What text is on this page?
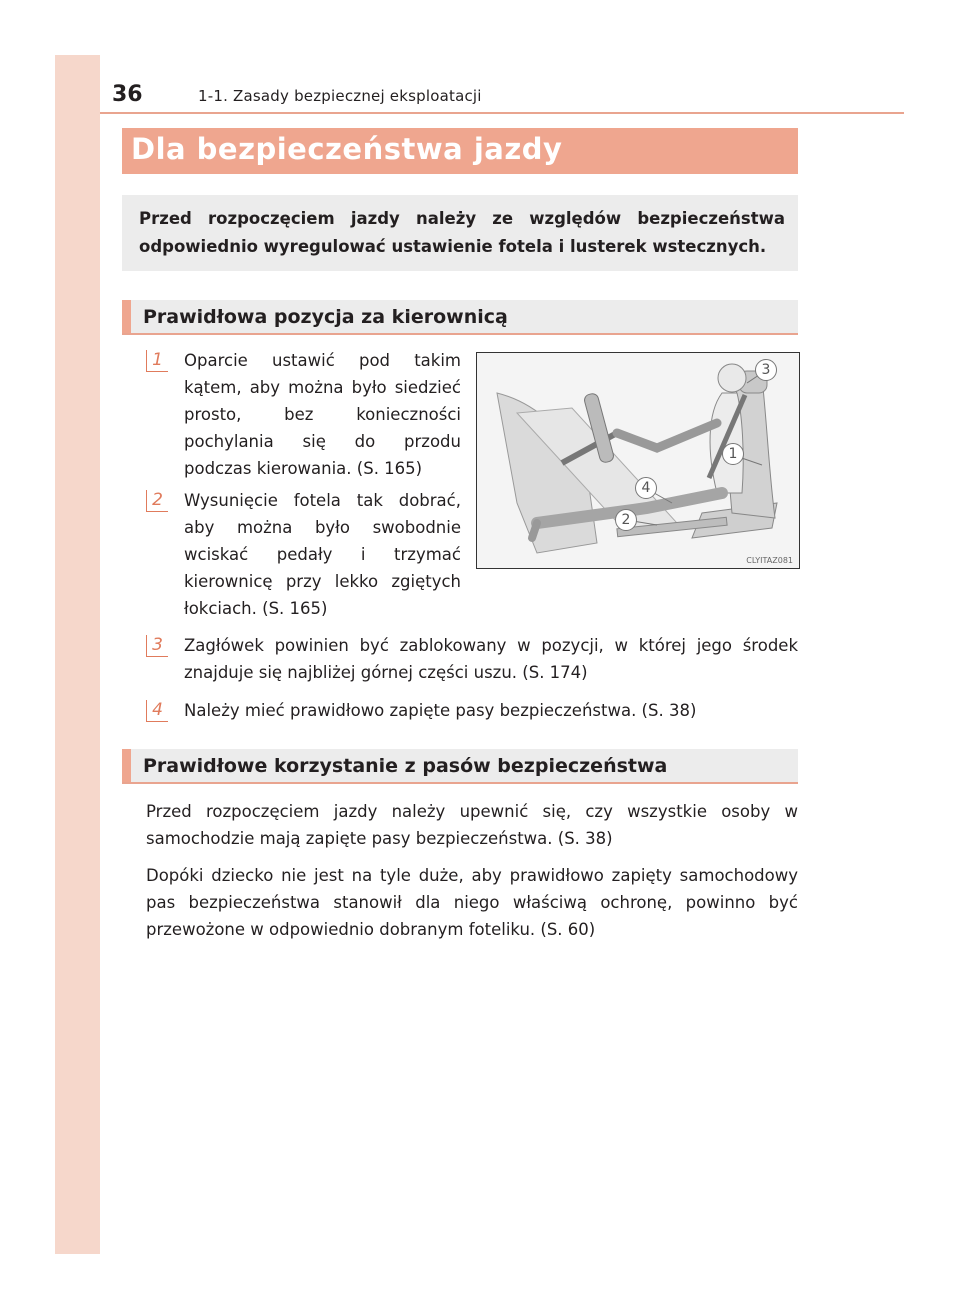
36	1-1. Zasady bezpiecznej eksploatacji
Dla bezpieczeństwa jazdy

Przed rozpoczęciem jazdy należy ze względów bezpieczeństwa odpowiednio wyregulować ustawienie fotela i lusterek wstecznych.

Prawidłowa pozycja za kierownicą
1	Oparcie ustawić pod takim kątem, aby można było siedzieć prosto, bez konieczności pochylania się do przodu podczas kierowania. (S. 165)
2	Wysunięcie fotela tak dobrać, aby można było swobodnie wciskać pedały i trzymać kierownicę przy lekko zgiętych łokciach. (S. 165)
3	Zagłówek powinien być zablokowany w pozycji, w której jego środek znajduje się najbliżej górnej części uszu. (S. 174)
4	Należy mieć prawidłowo zapięte pasy bezpieczeństwa. (S. 38)
3
1
4
2
CLYITAZ081
Prawidłowe korzystanie z pasów bezpieczeństwa
Przed rozpoczęciem jazdy należy upewnić się, czy wszystkie osoby w samochodzie mają zapięte pasy bezpieczeństwa. (S. 38)
Dopóki dziecko nie jest na tyle duże, aby prawidłowo zapięty samochodowy pas bezpieczeństwa stanowił dla niego właściwą ochronę, powinno być przewożone w odpowiednio dobranym foteliku. (S. 60)
